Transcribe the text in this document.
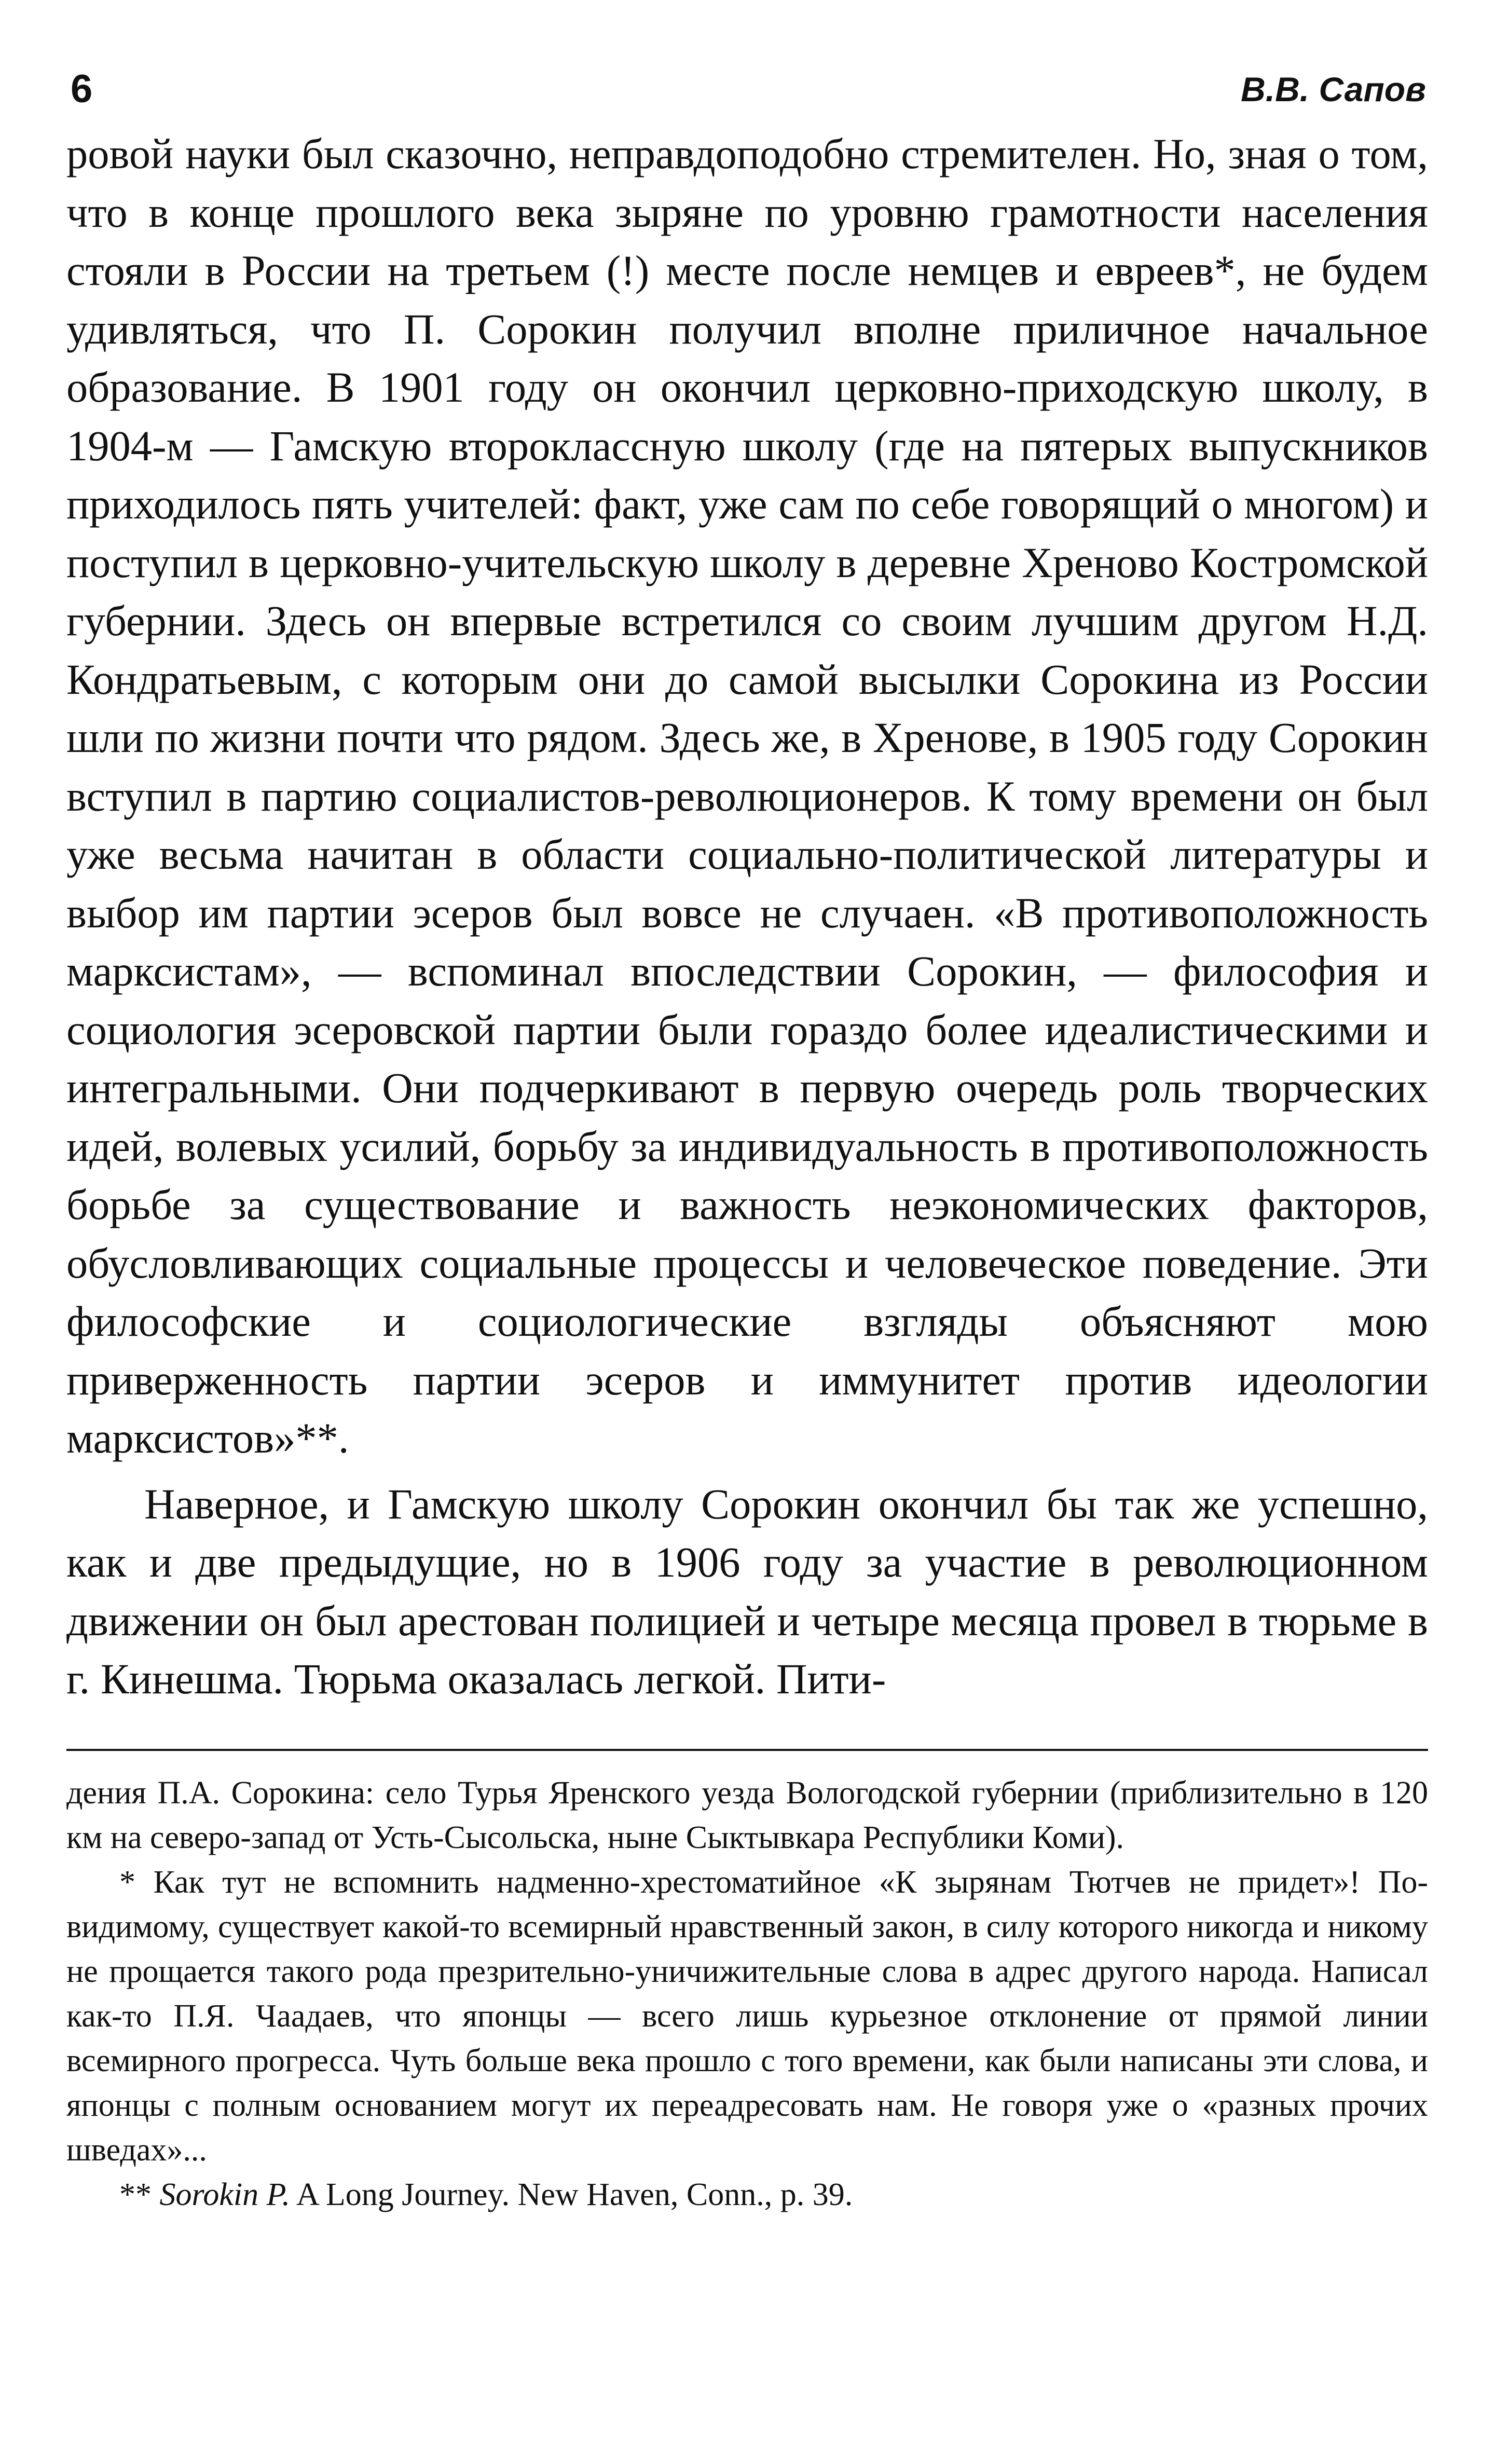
6	В.В. Сапов

ровой науки был сказочно, неправдоподобно стремителен. Но, зная о том, что в конце прошлого века зыряне по уровню грамотности населения стояли в России на третьем (!) месте после немцев и евреев*, не будем удивляться, что П. Сорокин получил вполне приличное начальное образование. В 1901 году он окончил церковно-приходскую школу, в 1904-м — Гамскую второклассную школу (где на пятерых выпускников приходилось пять учителей: факт, уже сам по себе говорящий о многом) и поступил в церковно-учительскую школу в деревне Хреново Костромской губернии. Здесь он впервые встретился со своим лучшим другом Н.Д. Кондратьевым, с которым они до самой высылки Сорокина из России шли по жизни почти что рядом. Здесь же, в Хренове, в 1905 году Сорокин вступил в партию социалистов-революционеров. К тому времени он был уже весьма начитан в области социально-политической литературы и выбор им партии эсеров был вовсе не случаен. «В противоположность марксистам», — вспоминал впоследствии Сорокин, — философия и социология эсеровской партии были гораздо более идеалистическими и интегральными. Они подчеркивают в первую очередь роль творческих идей, волевых усилий, борьбу за индивидуальность в противоположность борьбе за существование и важность неэкономических факторов, обусловливающих социальные процессы и человеческое поведение. Эти философские и социологические взгляды объясняют мою приверженность партии эсеров и иммунитет против идеологии марксистов»**.

Наверное, и Гамскую школу Сорокин окончил бы так же успешно, как и две предыдущие, но в 1906 году за участие в революционном движении он был арестован полицией и четыре месяца провел в тюрьме в г. Кинешма. Тюрьма оказалась легкой. Пити-

дения П.А. Сорокина: село Турья Яренского уезда Вологодской губернии (приблизительно в 120 км на северо-запад от Усть-Сысольска, ныне Сыктывкара Республики Коми).

* Как тут не вспомнить надменно-хрестоматийное «К зырянам Тютчев не придет»! По-видимому, существует какой-то всемирный нравственный закон, в силу которого никогда и никому не прощается такого рода презрительно-уничижительные слова в адрес другого народа. Написал как-то П.Я. Чаадаев, что японцы — всего лишь курьезное отклонение от прямой линии всемирного прогресса. Чуть больше века прошло с того времени, как были написаны эти слова, и японцы с полным основанием могут их переадресовать нам. Не говоря уже о «разных прочих шведах»...

** Sorokin P. A Long Journey. New Haven, Conn., p. 39.
